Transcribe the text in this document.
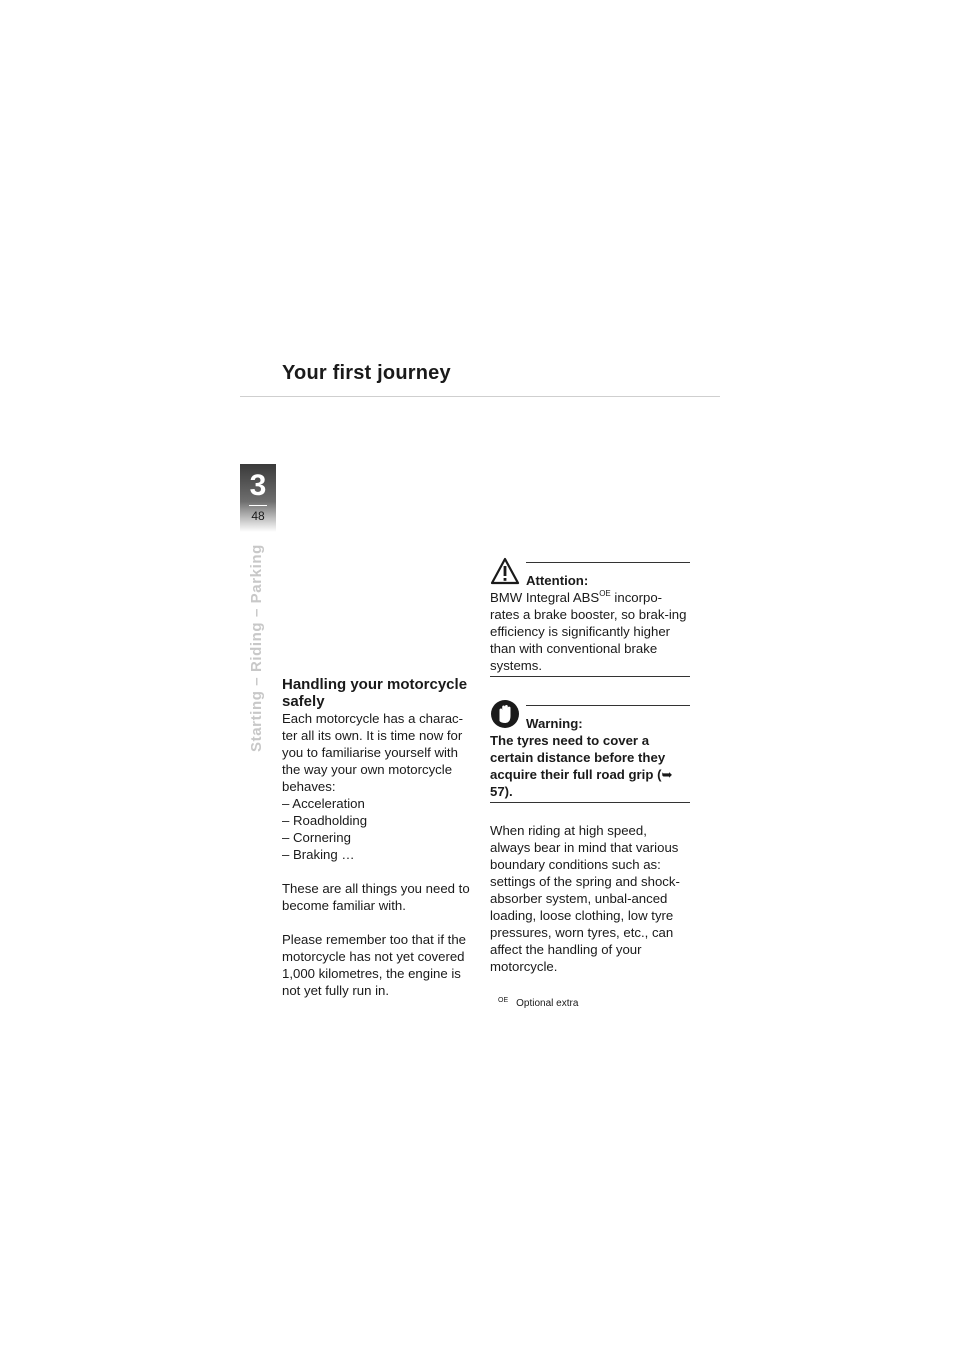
Your first journey
3
48
Starting – Riding – Parking Handling your motorcycle safely

Each motorcycle has a charac-ter all its own. It is time now for you to familiarise yourself with the way your own motorcycle behaves:

– Acceleration
– Roadholding
– Cornering
– Braking …

These are all things you need to become familiar with.

Please remember too that if the motorcycle has not yet covered 1,000 kilometres, the engine is not yet fully run in.

Attention:

BMW Integral $ABS^{OE}$ incorpo-rates a brake booster, so brak-ing efficiency is significantly higher than with conventional brake systems.

Warning:

The tyres need to cover a certain distance before they acquire their full road grip (➥ 57).

When riding at high speed, always bear in mind that various boundary conditions such as: settings of the spring and shock-absorber system, unbal-anced loading, loose clothing, low tyre pressures, worn tyres, etc., can affect the handling of your motorcycle.

$^{OE}$ Optional extra
